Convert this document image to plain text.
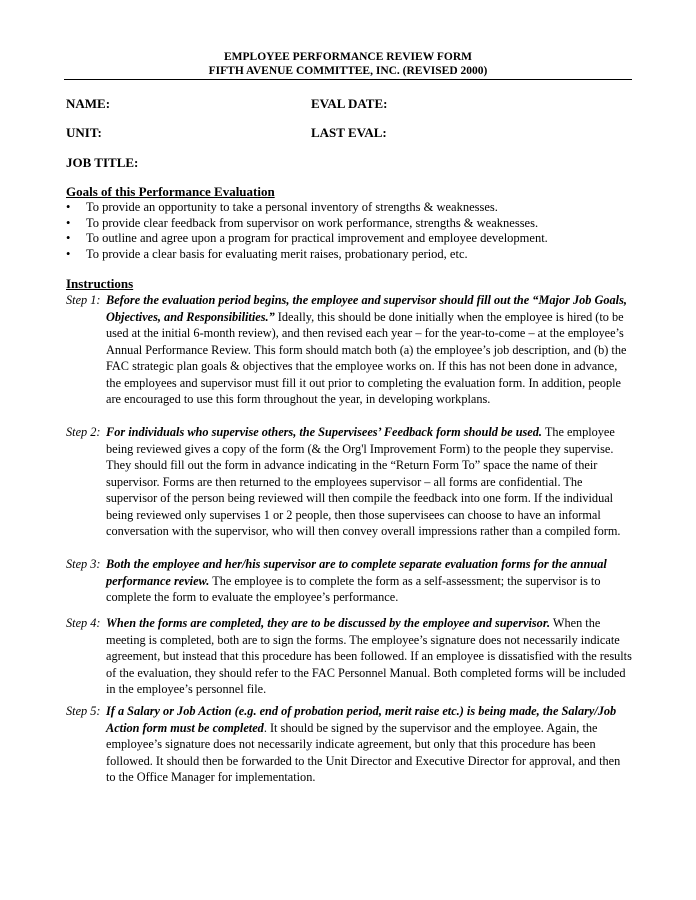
EMPLOYEE PERFORMANCE REVIEW FORM
FIFTH AVENUE COMMITTEE, INC. (REVISED 2000)
NAME:	EVAL DATE:
UNIT:	LAST EVAL:
JOB TITLE:
Goals of this Performance Evaluation
• To provide an opportunity to take a personal inventory of strengths & weaknesses.
• To provide clear feedback from supervisor on work performance, strengths & weaknesses.
• To outline and agree upon a program for practical improvement and employee development.
• To provide a clear basis for evaluating merit raises, probationary period, etc.
Instructions
Step 1: Before the evaluation period begins, the employee and supervisor should fill out the “Major Job Goals, Objectives, and Responsibilities.” Ideally, this should be done initially when the employee is hired (to be used at the initial 6-month review), and then revised each year – for the year-to-come – at the employee’s Annual Performance Review. This form should match both (a) the employee’s job description, and (b) the FAC strategic plan goals & objectives that the employee works on. If this has not been done in advance, the employees and supervisor must fill it out prior to completing the evaluation form. In addition, people are encouraged to use this form throughout the year, in developing workplans.
Step 2: For individuals who supervise others, the Supervisees’ Feedback form should be used. The employee being reviewed gives a copy of the form (& the Org'l Improvement Form) to the people they supervise. They should fill out the form in advance indicating in the “Return Form To” space the name of their supervisor. Forms are then returned to the employees supervisor – all forms are confidential. The supervisor of the person being reviewed will then compile the feedback into one form. If the individual being reviewed only supervises 1 or 2 people, then those supervisees can choose to have an informal conversation with the supervisor, who will then convey overall impressions rather than a compiled form.
Step 3: Both the employee and her/his supervisor are to complete separate evaluation forms for the annual performance review. The employee is to complete the form as a self-assessment; the supervisor is to complete the form to evaluate the employee’s performance.
Step 4: When the forms are completed, they are to be discussed by the employee and supervisor. When the meeting is completed, both are to sign the forms. The employee’s signature does not necessarily indicate agreement, but instead that this procedure has been followed. If an employee is dissatisfied with the results of the evaluation, they should refer to the FAC Personnel Manual. Both completed forms will be included in the employee’s personnel file.
Step 5: If a Salary or Job Action (e.g. end of probation period, merit raise etc.) is being made, the Salary/Job Action form must be completed. It should be signed by the supervisor and the employee. Again, the employee’s signature does not necessarily indicate agreement, but only that this procedure has been followed. It should then be forwarded to the Unit Director and Executive Director for approval, and then to the Office Manager for implementation.
